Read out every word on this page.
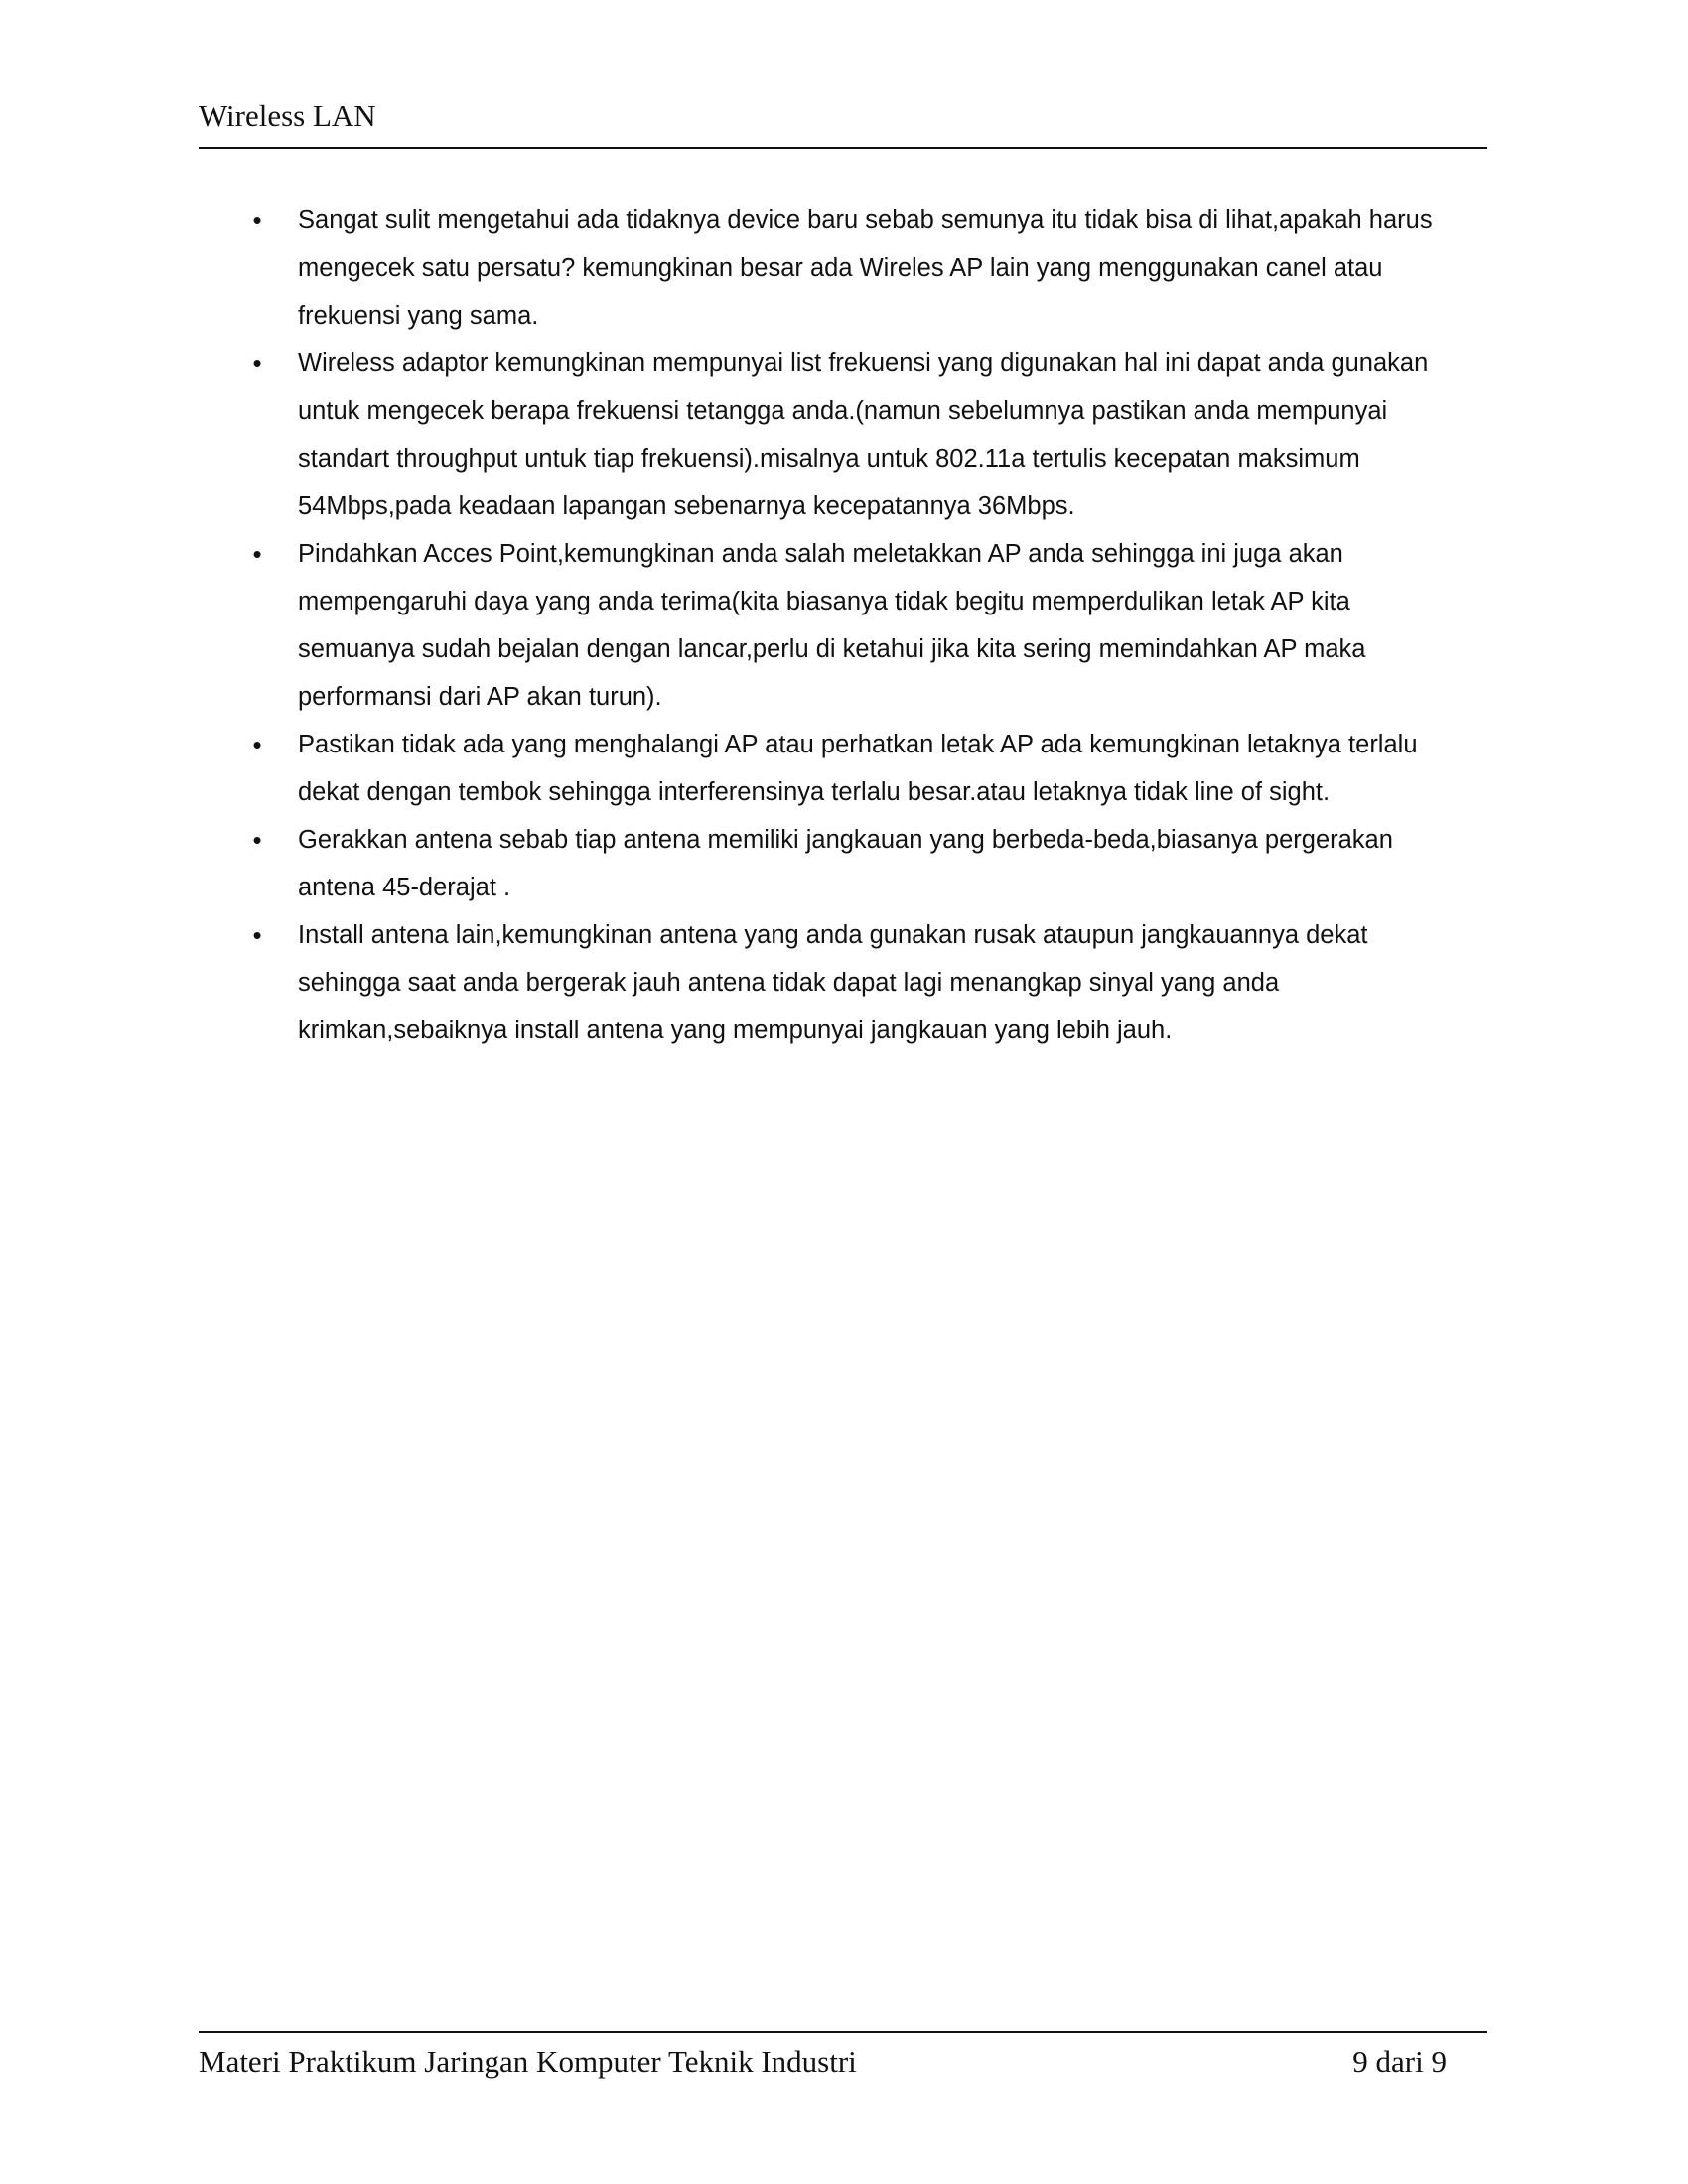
Wireless LAN
• Sangat sulit mengetahui ada tidaknya device baru sebab semunya itu tidak bisa di lihat,apakah harus mengecek satu persatu? kemungkinan besar ada Wireles AP lain yang menggunakan canel atau frekuensi yang sama.
• Wireless adaptor kemungkinan mempunyai list frekuensi yang digunakan hal ini dapat anda gunakan untuk mengecek berapa frekuensi tetangga anda.(namun sebelumnya pastikan anda mempunyai standart throughput untuk tiap frekuensi).misalnya untuk 802.11a tertulis kecepatan maksimum 54Mbps,pada keadaan lapangan sebenarnya kecepatannya 36Mbps.
• Pindahkan Acces Point,kemungkinan anda salah meletakkan AP anda sehingga ini juga akan mempengaruhi daya yang anda terima(kita biasanya tidak begitu memperdulikan letak AP kita semuanya sudah bejalan dengan lancar,perlu di ketahui jika kita sering memindahkan AP maka performansi dari AP akan turun).
• Pastikan tidak ada yang menghalangi AP atau perhatkan letak AP ada kemungkinan letaknya terlalu dekat dengan tembok sehingga interferensinya terlalu besar.atau letaknya tidak line of sight.
• Gerakkan antena sebab tiap antena memiliki jangkauan yang berbeda-beda,biasanya pergerakan antena 45-derajat .
• Install antena lain,kemungkinan antena yang anda gunakan rusak ataupun jangkauannya dekat sehingga saat anda bergerak jauh antena tidak dapat lagi menangkap sinyal yang anda krimkan,sebaiknya install antena yang mempunyai jangkauan yang lebih jauh.
Materi Praktikum Jaringan Komputer Teknik Industri	9 dari 9
